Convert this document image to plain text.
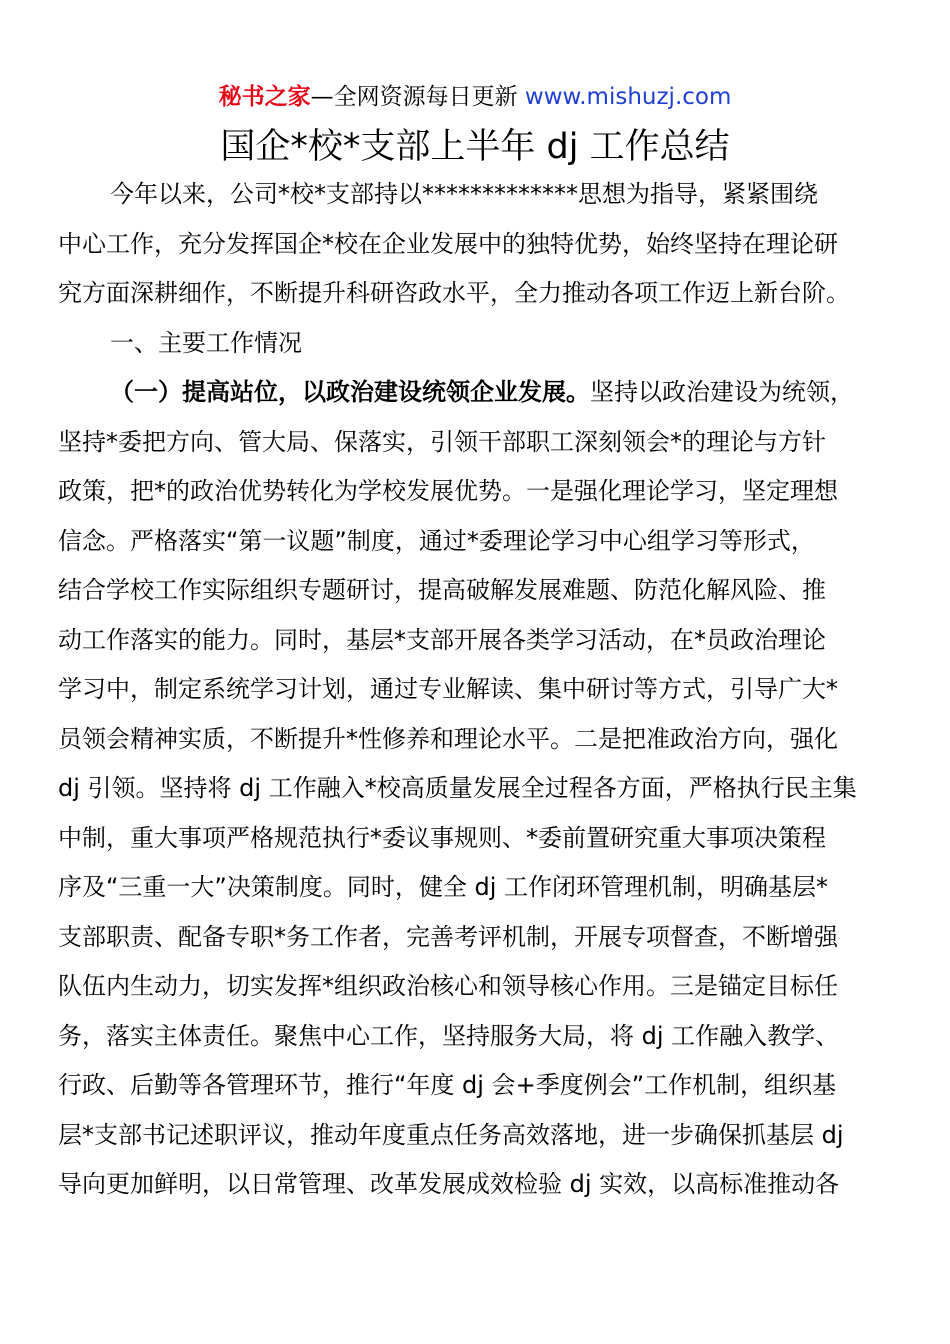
秘书之家—全网资源每日更新 www.mishuzj.com
国企*校*支部上半年 dj 工作总结
今年以来，公司*校*支部持以*************思想为指导，紧紧围绕
中心工作，充分发挥国企*校在企业发展中的独特优势，始终坚持在理论研
究方面深耕细作，不断提升科研咨政水平，全力推动各项工作迈上新台阶。
一、主要工作情况
（一）提高站位，以政治建设统领企业发展。坚持以政治建设为统领，
坚持*委把方向、管大局、保落实，引领干部职工深刻领会*的理论与方针
政策，把*的政治优势转化为学校发展优势。一是强化理论学习，坚定理想
信念。严格落实“第一议题”制度，通过*委理论学习中心组学习等形式，
结合学校工作实际组织专题研讨，提高破解发展难题、防范化解风险、推
动工作落实的能力。同时，基层*支部开展各类学习活动，在*员政治理论
学习中，制定系统学习计划，通过专业解读、集中研讨等方式，引导广大*
员领会精神实质，不断提升*性修养和理论水平。二是把准政治方向，强化
dj 引领。坚持将 dj 工作融入*校高质量发展全过程各方面，严格执行民主集
中制，重大事项严格规范执行*委议事规则、*委前置研究重大事项决策程
序及“三重一大”决策制度。同时，健全 dj 工作闭环管理机制，明确基层*
支部职责、配备专职*务工作者，完善考评机制，开展专项督查，不断增强
队伍内生动力，切实发挥*组织政治核心和领导核心作用。三是锚定目标任
务，落实主体责任。聚焦中心工作，坚持服务大局，将 dj 工作融入教学、
行政、后勤等各管理环节，推行“年度 dj 会+季度例会”工作机制，组织基
层*支部书记述职评议，推动年度重点任务高效落地，进一步确保抓基层 dj
导向更加鲜明，以日常管理、改革发展成效检验 dj 实效，以高标准推动各
